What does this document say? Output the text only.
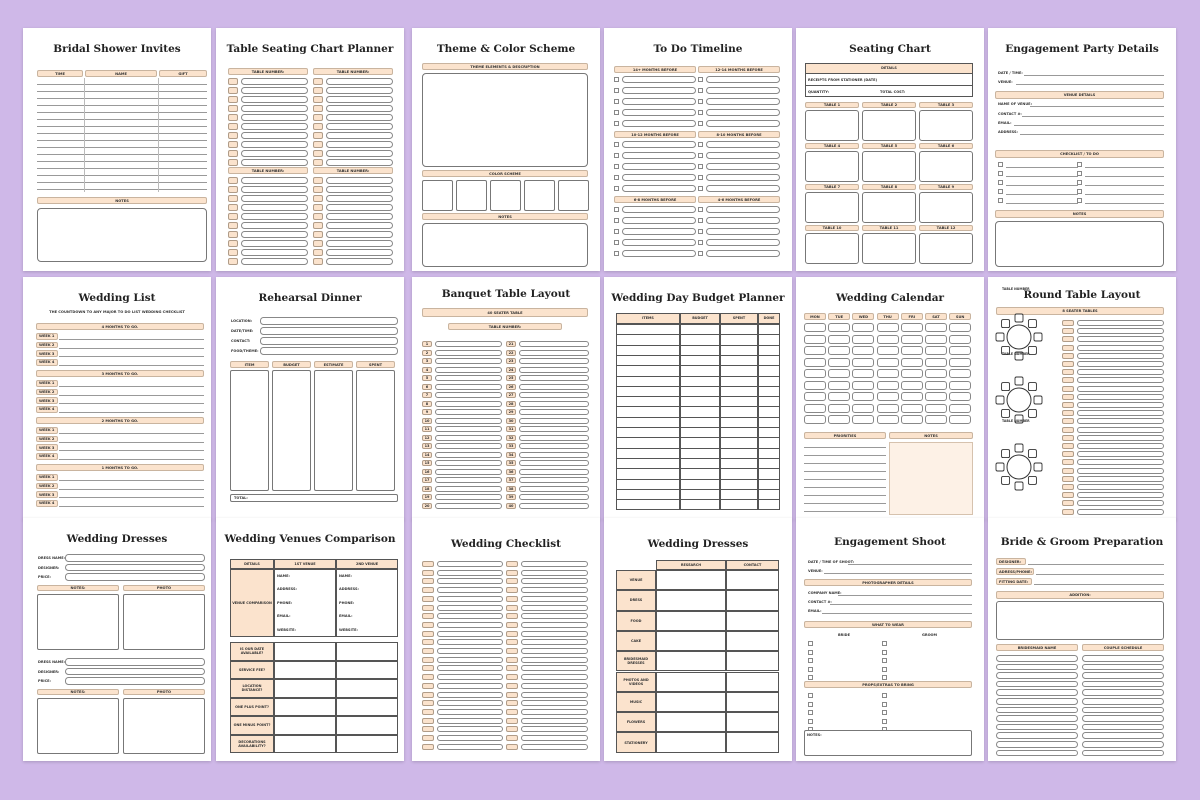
Bridal Shower Invites
TIME	NAME	GIFT
NOTES
Table Seating Chart Planner
TABLE NUMBER:	TABLE NUMBER:
TABLE NUMBER:	TABLE NUMBER:
Theme & Color Scheme
THEME ELEMENTS & DESCRIPTION
COLOR SCHEME
NOTES
To Do Timeline
14+ MONTHS BEFORE	12-14 MONTHS BEFORE
10-12 MONTHS BEFORE	8-10 MONTHS BEFORE
6-8 MONTHS BEFORE	4-6 MONTHS BEFORE
Seating Chart
DETAILS
RECEIPTS FROM STATIONER (DATE)
QUANTITY:	TOTAL COST:
TABLE 1	TABLE 2	TABLE 3
TABLE 4	TABLE 5	TABLE 6
TABLE 7	TABLE 8	TABLE 9
TABLE 10	TABLE 11	TABLE 12
Engagement Party Details
DATE / TIME:
VENUE:
VENUE DETAILS
NAME OF VENUE:
CONTACT #:
EMAIL:
ADDRESS:
CHECKLIST / TO DO
NOTES
Wedding List
THE COUNTDOWN TO ANY MAJOR TO DO LIST WEDDING CHECKLIST
4 MONTHS TO GO.
WEEK 1
WEEK 2
WEEK 3
WEEK 4
3 MONTHS TO GO.
WEEK 1
WEEK 2
WEEK 3
WEEK 4
2 MONTHS TO GO.
WEEK 1
WEEK 2
WEEK 3
WEEK 4
1 MONTHS TO GO.
WEEK 1
WEEK 2
WEEK 3
WEEK 4
Rehearsal Dinner
LOCATION:
DATE/TIME:
CONTACT:
FOOD/THEME:
ITEM	BUDGET	ESTIMATE	SPENT
TOTAL:
Banquet Table Layout
40 SEATER TABLE
TABLE NUMBER:
1
2
3
4
5
6
7
8
9
10
11
12
13
14
15
16
17
18
19
20
21
22
23
24
25
26
27
28
29
30
31
32
33
34
35
36
37
38
39
40
Wedding Day Budget Planner
ITEMS	BUDGET	SPENT	DONE
Wedding Calendar
MON	TUE	WED	THU	FRI	SAT	SUN
PRIORITIES	NOTES
Round Table Layout
8 SEATER TABLES
TABLE NUMBER
TABLE NUMBER
TABLE NUMBER
Wedding Dresses
DRESS NAME:
DESIGNER:
PRICE:
NOTES:	PHOTO
DRESS NAME:
DESIGNER:
PRICE:
NOTES:	PHOTO
Wedding Venues Comparison
DETAILS	1ST VENUE	2ND VENUE
VENUE COMPARISON
NAME:	NAME:
ADDRESS:	ADDRESS:
PHONE:	PHONE:
EMAIL:	EMAIL:
WEBSITE:	WEBSITE:
IS OUR DATE AVAILABLE?
SERVICE FEE?
LOCATION DISTANCE?
ONE PLUS POINT?
ONE MINUS POINT?
DECORATIONS AVAILABILITY?
Wedding Checklist	Wedding Dresses
RESEARCH	CONTACT
VENUE
DRESS
FOOD
CAKE
BRIDESMAID DRESSES
PHOTOS AND VIDEOS
MUSIC
FLOWERS
STATIONERY
Engagement Shoot
DATE / TIME OF SHOOT:
VENUE:
PHOTOGRAPHER DETAILS
COMPANY NAME:
CONTACT #:
EMAIL:
WHAT TO WEAR
BRIDE	GROOM
PROPS/EXTRAS TO BRING
NOTES:
Bride & Groom Preparation
DESIGNER:
ADRESS/PHONE:
FITTING DATE:
ADDITION:
BRIDESMAID NAME	COUPLE SCHEDULE
